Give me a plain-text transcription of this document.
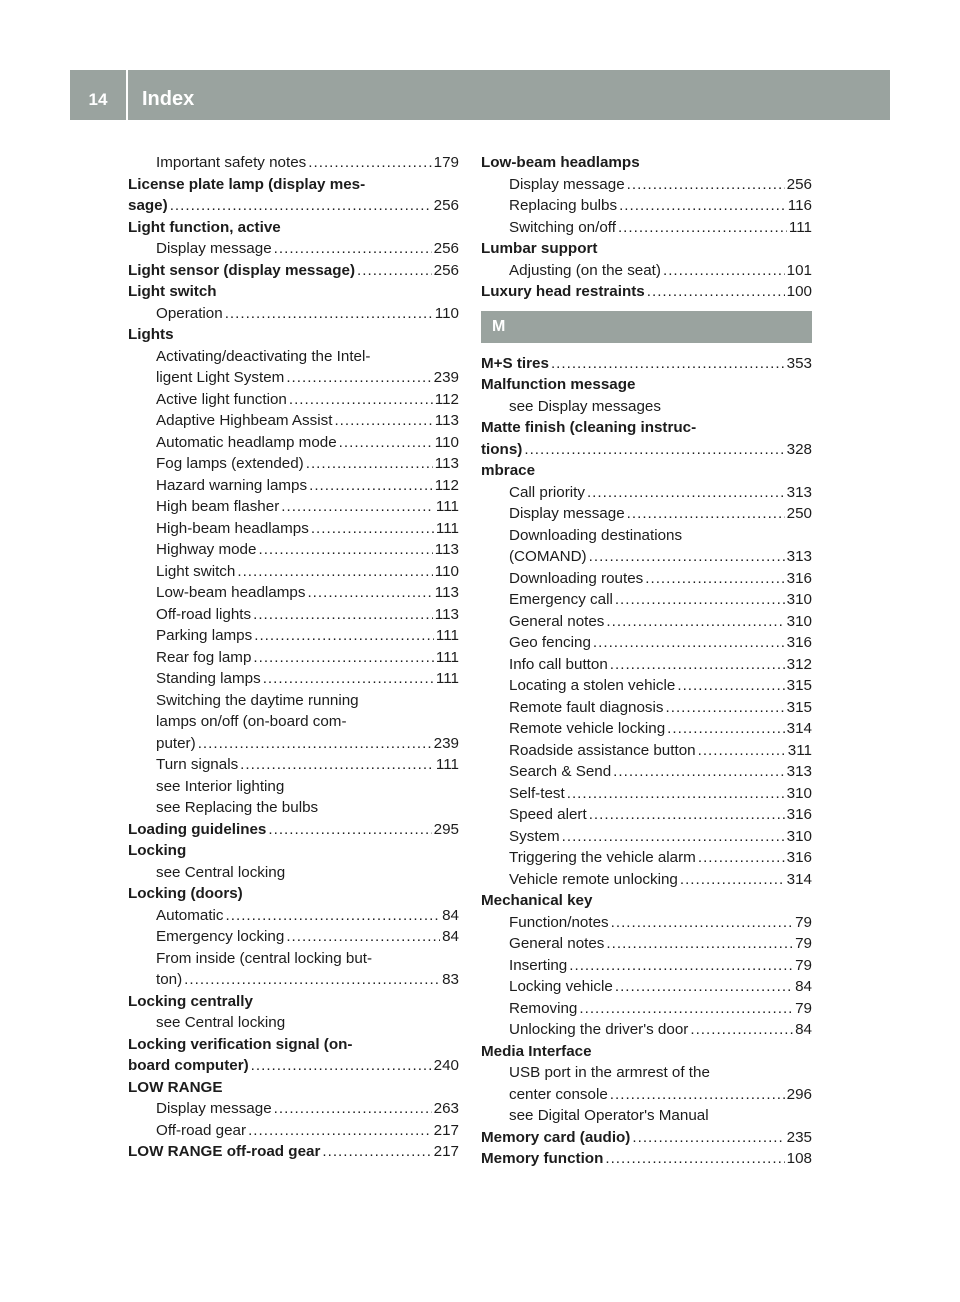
14	Index
Important safety notes .....	179
License plate lamp (display mes-
sage) .....	256
Light function, active
Display message .....	256
Light sensor (display message) .....	256
Light switch
Operation .....	110
Lights
Activating/deactivating the Intel-
ligent Light System .....	239
Active light function .....	112
Adaptive Highbeam Assist .....	113
Automatic headlamp mode .....	110
Fog lamps (extended) .....	113
Hazard warning lamps .....	112
High beam flasher .....	111
High-beam headlamps .....	111
Highway mode .....	113
Light switch .....	110
Low-beam headlamps .....	113
Off-road lights .....	113
Parking lamps .....	111
Rear fog lamp .....	111
Standing lamps .....	111
Switching the daytime running
lamps on/off (on-board com-
puter) .....	239
Turn signals .....	111
see Interior lighting
see Replacing the bulbs
Loading guidelines .....	295
Locking
see Central locking
Locking (doors)
Automatic .....	84
Emergency locking .....	84
From inside (central locking but-
ton) .....	83
Locking centrally
see Central locking
Locking verification signal (on-
board computer) .....	240
LOW RANGE
Display message .....	263
Off-road gear .....	217
LOW RANGE off-road gear .....	217
Low-beam headlamps
Display message .....	256
Replacing bulbs .....	116
Switching on/off .....	111
Lumbar support
Adjusting (on the seat) .....	101
Luxury head restraints .....	100
M
M+S tires .....	353
Malfunction message
see Display messages
Matte finish (cleaning instruc-
tions) .....	328
mbrace
Call priority .....	313
Display message .....	250
Downloading destinations
(COMAND) .....	313
Downloading routes .....	316
Emergency call .....	310
General notes .....	310
Geo fencing .....	316
Info call button .....	312
Locating a stolen vehicle .....	315
Remote fault diagnosis .....	315
Remote vehicle locking .....	314
Roadside assistance button .....	311
Search & Send .....	313
Self-test .....	310
Speed alert .....	316
System .....	310
Triggering the vehicle alarm .....	316
Vehicle remote unlocking .....	314
Mechanical key
Function/notes .....	79
General notes .....	79
Inserting .....	79
Locking vehicle .....	84
Removing .....	79
Unlocking the driver's door .....	84
Media Interface
USB port in the armrest of the
center console .....	296
see Digital Operator's Manual
Memory card (audio) .....	235
Memory function .....	108
